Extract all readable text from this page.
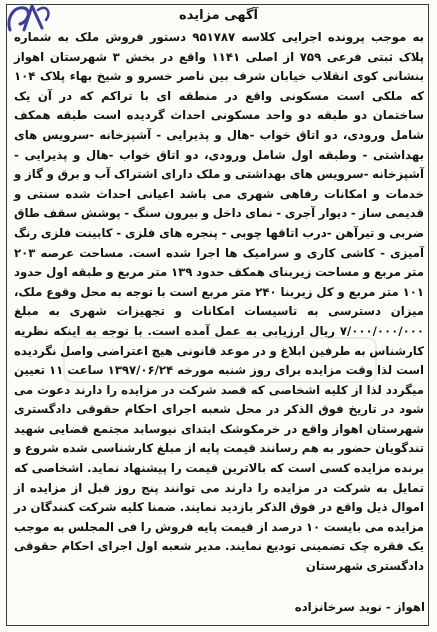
آگهی مزایده
به موجب پرونده اجرایی کلاسه ۹۵۱۷۸۷ دستور فروش ملک به شماره پلاک ثبتی فرعی ۷۵۹ از اصلی ۱۱۴۱ واقع در بخش ۳ شهرستان اهواز بنشانی کوی انقلاب خیابان شرف بین ناصر خسرو و شیخ بهاء پلاک ۱۰۴ که ملکی است مسکونی واقع در منطقه ای با تراکم که در آن یک ساختمان دو طبقه دو واحد مسکونی احداث گردیده است طبقه همکف شامل ورودی، دو اتاق خواب -هال و پذیرایی - آشپزخانه -سرویس های بهداشتی - وطبقه اول شامل ورودی، دو اتاق خواب -هال و پذیرایی - آشپزخانه -سرویس های بهداشتی و ملک دارای اشتراک آب و برق و گاز و خدمات و امکانات رفاهی شهری می باشد اعیانی احداث شده سنتی و قدیمی ساز - دیوار آجری - نمای داخل و بیرون سنگ - پوشش سقف طاق ضربی و تیرآهن -درب اتاقها چوبی - پنجره های فلزی - کابینت فلزی رنگ آمیزی - کاشی کاری و سرامیک ها اجرا شده است. مساحت عرصه ۲۰۳ متر مربع و مساحت زیربنای همکف حدود ۱۳۹ متر مربع و طبقه اول حدود ۱۰۱ متر مربع و کل زیربنا ۲۴۰ متر مربع است با توجه به محل وقوع ملک، میزان دسترسی به تاسیسات امکانات و تجهیزات شهری به مبلغ ۷/۰۰۰/۰۰۰/۰۰۰ ریال ارزیابی به عمل آمده است. با توجه به اینکه نظریه کارشناس به طرفین ابلاغ و در موعد قانونی هیچ اعتراضی واصل نگردیده است لذا وقت مزایده برای روز شنبه مورخه ۱۳۹۷/۰۶/۲۴ ساعت ۱۱ تعیین میگردد لذا از کلیه اشخاصی که قصد شرکت در مزایده را دارند دعوت می شود در تاریخ فوق الذکر در محل شعبه اجرای احکام حقوقی دادگستری شهرستان اهواز واقع در خرمکوشک ابتدای نیوسابد مجتمع قضایی شهید تندگویان حضور به هم رسانند قیمت پایه از مبلغ کارشناسی شده شروع و برنده مزایده کسی است که بالاترین قیمت را پیشنهاد نماید. اشخاصی که تمایل به شرکت در مزایده را دارند می توانند پنج روز قبل از مزایده از اموال ذیل واقع در فوق الذکر بازدید نمایند. ضمنا کلیه شرکت کنندگان در مزایده می بایست ۱۰ درصد از قیمت پایه فروش را فی المجلس به موجب یک فقره چک تضمینی تودیع نمایند. مدیر شعبه اول اجرای احکام حقوقی دادگستری شهرستان
اهواز - نوید سرخانزاده
